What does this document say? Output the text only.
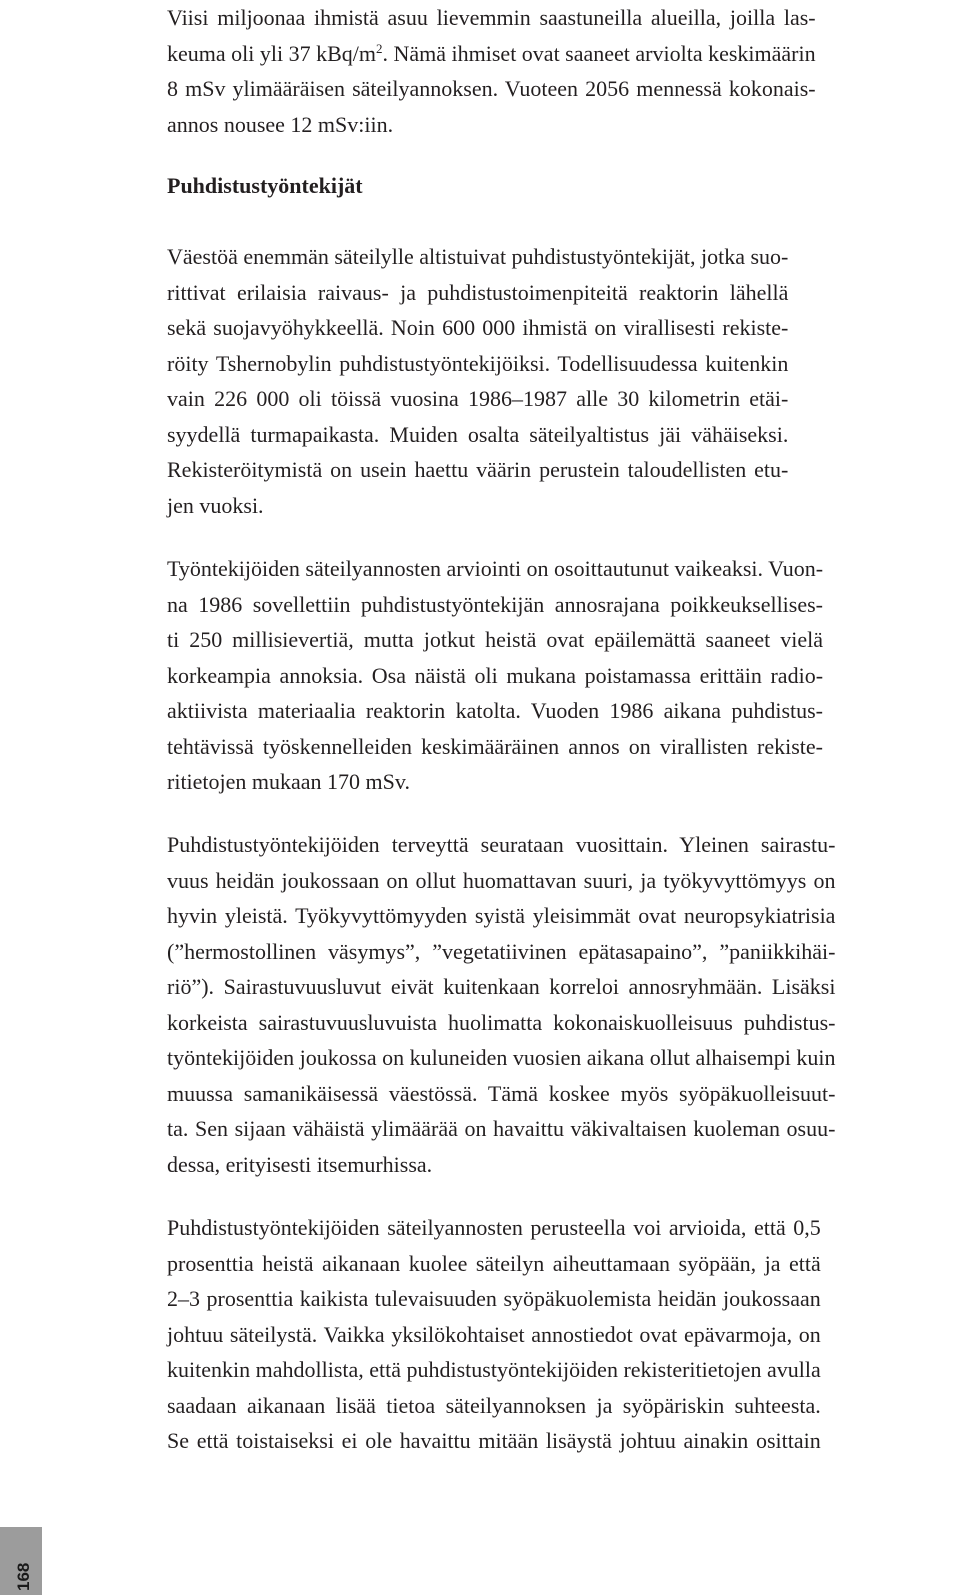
Viisi miljoonaa ihmistä asuu lievemmin saastuneilla alueilla, joilla las-
keuma oli yli 37 kBq/$m^2$. Nämä ihmiset ovat saaneet arviolta keskimäärin
8 mSv ylimääräisen säteilyannoksen. Vuoteen 2056 mennessä kokonais-
annos nousee 12 mSv:iin.

Puhdistustyöntekijät

Väestöä enemmän säteilylle altistuivat puhdistustyöntekijät, jotka suo-
rittivat erilaisia raivaus- ja puhdistustoimenpiteitä reaktorin lähellä
sekä suojavyöhykkeellä. Noin 600 000 ihmistä on virallisesti rekiste-
röity Tshernobylin puhdistustyöntekijöiksi. Todellisuudessa kuitenkin
vain 226 000 oli töissä vuosina 1986–1987 alle 30 kilometrin etäi-
syydellä turmapaikasta. Muiden osalta säteilyaltistus jäi vähäiseksi.
Rekisteröitymistä on usein haettu väärin perustein taloudellisten etu-
jen vuoksi.

Työntekijöiden säteilyannosten arviointi on osoittautunut vaikeaksi. Vuon-
na 1986 sovellettiin puhdistustyöntekijän annosrajana poikkeuksellises-
ti 250 millisievertiä, mutta jotkut heistä ovat epäilemättä saaneet vielä
korkeampia annoksia. Osa näistä oli mukana poistamassa erittäin radio-
aktiivista materiaalia reaktorin katolta. Vuoden 1986 aikana puhdistus-
tehtävissä työskennelleiden keskimääräinen annos on virallisten rekiste-
ritietojen mukaan 170 mSv.

Puhdistustyöntekijöiden terveyttä seurataan vuosittain. Yleinen sairastu-
vuus heidän joukossaan on ollut huomattavan suuri, ja työkyvyttömyys on
hyvin yleistä. Työkyvyttömyyden syistä yleisimmät ovat neuropsykiatrisia
(”hermostollinen väsymys”, ”vegetatiivinen epätasapaino”, ”paniikkihäi-
riö”). Sairastuvuusluvut eivät kuitenkaan korreloi annosryhmään. Lisäksi
korkeista sairastuvuusluvuista huolimatta kokonaiskuolleisuus puhdistus-
työntekijöiden joukossa on kuluneiden vuosien aikana ollut alhaisempi kuin
muussa samanikäisessä väestössä. Tämä koskee myös syöpäkuolleisuut-
ta. Sen sijaan vähäistä ylimäärää on havaittu väkivaltaisen kuoleman osuu-
dessa, erityisesti itsemurhissa.

Puhdistustyöntekijöiden säteilyannosten perusteella voi arvioida, että 0,5
prosenttia heistä aikanaan kuolee säteilyn aiheuttamaan syöpään, ja että
2–3 prosenttia kaikista tulevaisuuden syöpäkuolemista heidän joukossaan
johtuu säteilystä. Vaikka yksilökohtaiset annostiedot ovat epävarmoja, on
kuitenkin mahdollista, että puhdistustyöntekijöiden rekisteritietojen avulla
saadaan aikanaan lisää tietoa säteilyannoksen ja syöpäriskin suhteesta.
Se että toistaiseksi ei ole havaittu mitään lisäystä johtuu ainakin osittain

168
